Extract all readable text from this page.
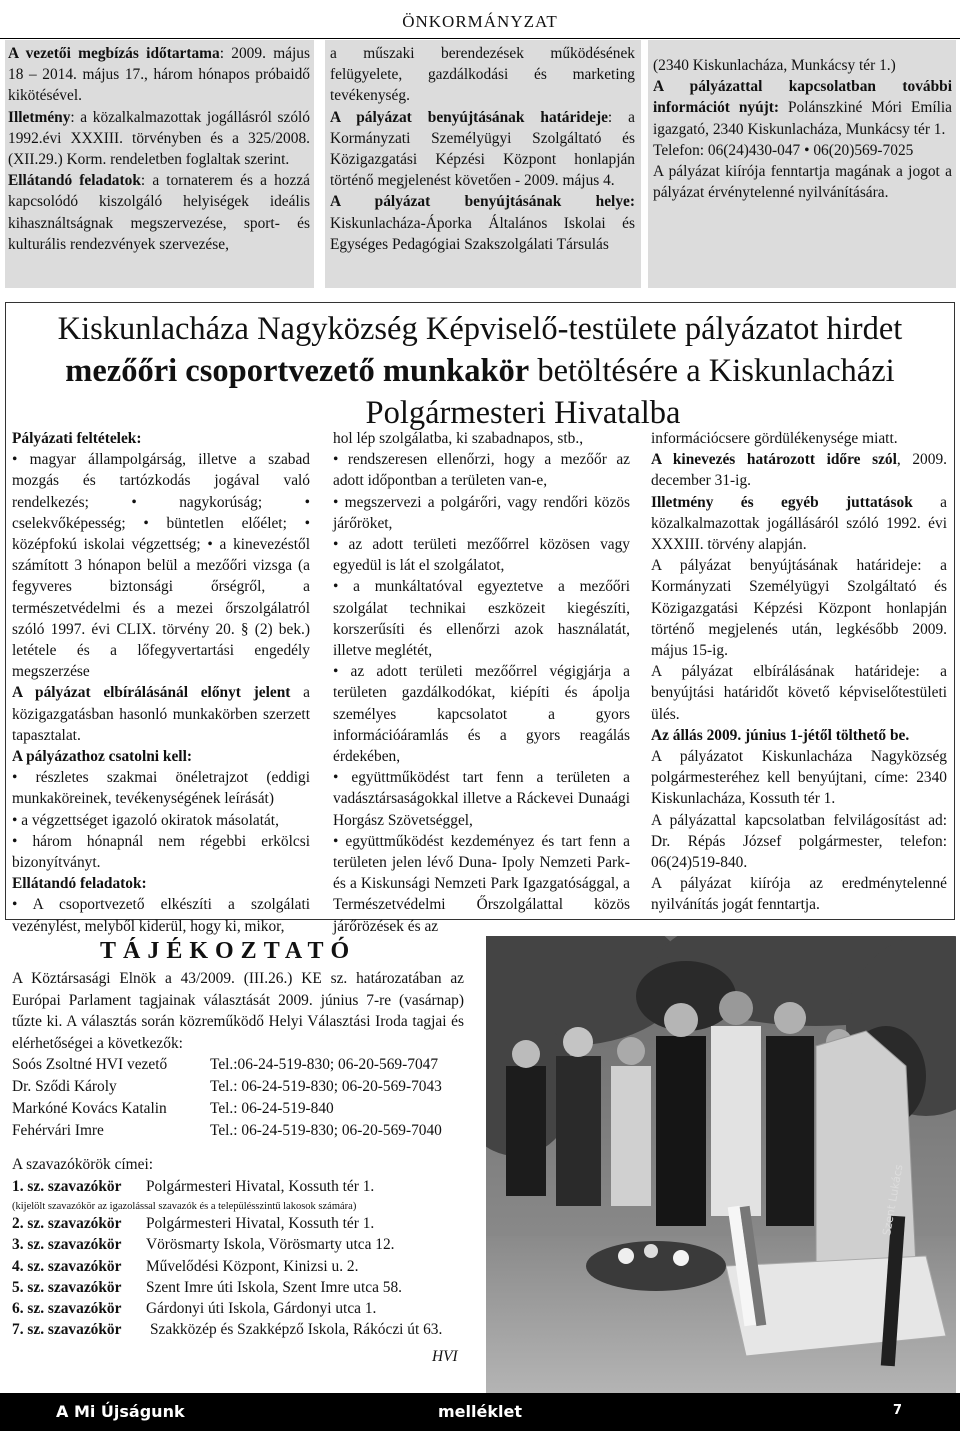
ÖNKORMÁNYZAT

A vezetői megbízás időtartama: 2009. május 18 – 2014. május 17., három hónapos próbaidő kikötésével.

Illetmény: a közalkalmazottak jogállásról szóló 1992.évi XXXIII. törvényben és a 325/2008.(XII.29.) Korm. rendeletben foglaltak szerint.

Ellátandó feladatok: a tornaterem és a hozzá kapcsolódó kiszolgáló helyiségek ideális kihasználtságnak megszervezése, sport- és kulturális rendezvények szervezése,

a műszaki berendezések működésének felügyelete, gazdálkodási és marketing tevékenység.

A pályázat benyújtásának határideje: a Kormányzati Személyügyi Szolgáltató és Közigazgatási Képzési Központ honlapján történő megjelenést követően - 2009. május 4.

A pályázat benyújtásának helye: Kiskunlacháza-Áporka Általános Iskolai és Egységes Pedagógiai Szakszolgálati Társulás

(2340 Kiskunlacháza, Munkácsy tér 1.)

A pályázattal kapcsolatban további információt nyújt: Polánszkiné Móri Emília igazgató, 2340 Kiskunlacháza, Munkácsy tér 1.

Telefon: 06(24)430-047 • 06(20)569-7025

A pályázat kiírója fenntartja magának a jogot a pályázat érvénytelenné nyilvánítására.

Kiskunlacháza Nagyközség Képviselő-testülete pályázatot hirdet
mezőőri csoportvezető munkakör betöltésére a Kiskunlacházi
Polgármesteri Hivatalba

Pályázati feltételek:

• magyar állampolgárság, illetve a szabad mozgás és tartózkodás jogával való rendelkezés; • nagykorúság; • cselekvőképesség; • büntetlen előélet; • középfokú iskolai végzettség; • a kinevezéstől számított 3 hónapon belül a mezőőri vizsga (a fegyveres biztonsági őrségről, a természetvédelmi és a mezei őrszolgálatról szóló 1997. évi CLIX. törvény 20. § (2) bek.) letétele és a lőfegyvertartási engedély megszerzése

A pályázat elbírálásánál előnyt jelent a közigazgatásban hasonló munkakörben szerzett tapasztalat.

A pályázathoz csatolni kell:

• részletes szakmai önéletrajzot (eddigi munkaköreinek, tevékenységének leírását)

• a végzettséget igazoló okiratok másolatát,

• három hónapnál nem régebbi erkölcsi bizonyítványt.

Ellátandó feladatok:

• A csoportvezető elkészíti a szolgálati vezénylést, melyből kiderül, hogy ki, mikor,

hol lép szolgálatba, ki szabadnapos, stb.,

• rendszeresen ellenőrzi, hogy a mezőőr az adott időpontban a területen van-e,

• megszervezi a polgárőri, vagy rendőri közös járőröket,

• az adott területi mezőőrrel közösen vagy egyedül is lát el szolgálatot,

• a munkáltatóval egyeztetve a mezőőri szolgálat technikai eszközeit kiegészíti, korszerűsíti és ellenőrzi azok használatát, illetve meglétét,

• az adott területi mezőőrrel végigjárja a területen gazdálkodókat, kiépíti és ápolja személyes kapcsolatot a gyors információáramlás és a gyors reagálás érdekében,

• együttműködést tart fenn a területen a vadásztársaságokkal illetve a Ráckevei Dunaági Horgász Szövetséggel,

• együttműködést kezdeményez és tart fenn a területen jelen lévő Duna- Ipoly Nemzeti Park- és a Kiskunsági Nemzeti Park Igazgatósággal, a Természetvédelmi Őrszolgálattal közös járőrözések és az

információcsere gördülékenysége miatt.

A kinevezés határozott időre szól, 2009. december 31-ig.

Illetmény és egyéb juttatások a közalkalmazottak jogállásáról szóló 1992. évi XXXIII. törvény alapján.

A pályázat benyújtásának határideje: a Kormányzati Személyügyi Szolgáltató és Közigazgatási Képzési Központ honlapján történő megjelenés után, legkésőbb 2009. május 15-ig.

A pályázat elbírálásának határideje: a benyújtási határidőt követő képviselőtestületi ülés.

Az állás 2009. június 1-jétől tölthető be.

A pályázatot Kiskunlacháza Nagyközség polgármesteréhez kell benyújtani, címe: 2340 Kiskunlacháza, Kossuth tér 1.

A pályázattal kapcsolatban felvilágosítást ad: Dr. Répás József polgármester, telefon: 06(24)519-840.

A pályázat kiírója az eredménytelenné nyilvánítás jogát fenntartja.

TÁJÉKOZTATÓ
A Köztársasági Elnök a 43/2009. (III.26.) KE sz. határozatában az Európai Parlament tagjainak választását 2009. június 7-re (vasárnap) tűzte ki. A választás során közreműködő Helyi Választási Iroda tagjai és elérhetőségei a következők:
Soós Zsoltné HVI vezető	Tel.:06-24-519-830; 06-20-569-7047
Dr. Sződi Károly	Tel.: 06-24-519-830; 06-20-569-7043
Markóné Kovács Katalin	Tel.: 06-24-519-840
Fehérvári Imre	Tel.: 06-24-519-830; 06-20-569-7040
A szavazókörök címei:
1. sz. szavazókör Polgármesteri Hivatal, Kossuth tér 1.
(kijelölt szavazókör az igazolással szavazók és a településszintű lakosok számára)
2. sz. szavazókör Polgármesteri Hivatal, Kossuth tér 1.
3. sz. szavazókör Vörösmarty Iskola, Vörösmarty utca 12.
4. sz. szavazókör Művelődési Központ, Kinizsi u. 2.
5. sz. szavazókör Szent Imre úti Iskola, Szent Imre utca 58.
6. sz. szavazókör Gárdonyi úti Iskola, Gárdonyi utca 1.
7. sz. szavazókör Szakközép és Szakképző Iskola, Rákóczi út 63.
HVI
Szent Lukács
A Mi Újságunk	melléklet	7
